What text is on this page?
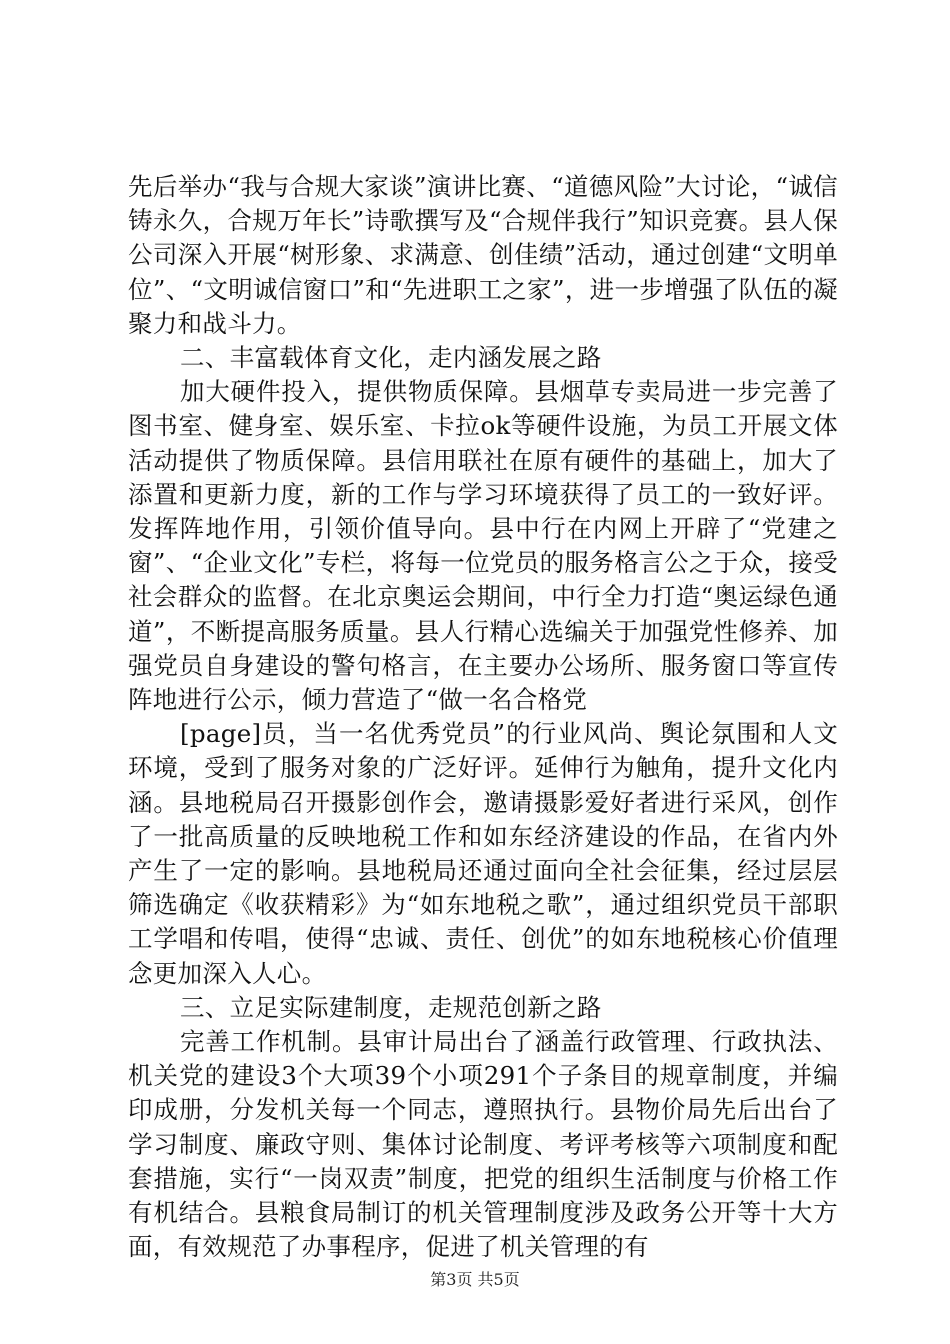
先后举办“我与合规大家谈”演讲比赛、“道德风险”大讨论，“诚信铸永久，合规万年长”诗歌撰写及“合规伴我行”知识竞赛。县人保公司深入开展“树形象、求满意、创佳绩”活动，通过创建“文明单位”、“文明诚信窗口”和“先进职工之家”，进一步增强了队伍的凝聚力和战斗力。

二、丰富载体育文化，走内涵发展之路

加大硬件投入，提供物质保障。县烟草专卖局进一步完善了图书室、健身室、娱乐室、卡拉ok等硬件设施，为员工开展文体活动提供了物质保障。县信用联社在原有硬件的基础上，加大了添置和更新力度，新的工作与学习环境获得了员工的一致好评。发挥阵地作用，引领价值导向。县中行在内网上开辟了“党建之窗”、“企业文化”专栏，将每一位党员的服务格言公之于众，接受社会群众的监督。在北京奥运会期间，中行全力打造“奥运绿色通道”，不断提高服务质量。县人行精心选编关于加强党性修养、加强党员自身建设的警句格言，在主要办公场所、服务窗口等宣传阵地进行公示，倾力营造了“做一名合格党

[page]员，当一名优秀党员”的行业风尚、舆论氛围和人文环境，受到了服务对象的广泛好评。延伸行为触角，提升文化内涵。县地税局召开摄影创作会，邀请摄影爱好者进行采风，创作了一批高质量的反映地税工作和如东经济建设的作品，在省内外产生了一定的影响。县地税局还通过面向全社会征集，经过层层筛选确定《收获精彩》为“如东地税之歌”，通过组织党员干部职工学唱和传唱，使得“忠诚、责任、创优”的如东地税核心价值理念更加深入人心。

三、立足实际建制度，走规范创新之路

完善工作机制。县审计局出台了涵盖行政管理、行政执法、机关党的建设3个大项39个小项291个子条目的规章制度，并编印成册，分发机关每一个同志，遵照执行。县物价局先后出台了学习制度、廉政守则、集体讨论制度、考评考核等六项制度和配套措施，实行“一岗双责”制度，把党的组织生活制度与价格工作有机结合。县粮食局制订的机关管理制度涉及政务公开等十大方面，有效规范了办事程序，促进了机关管理的有

第3页 共5页
